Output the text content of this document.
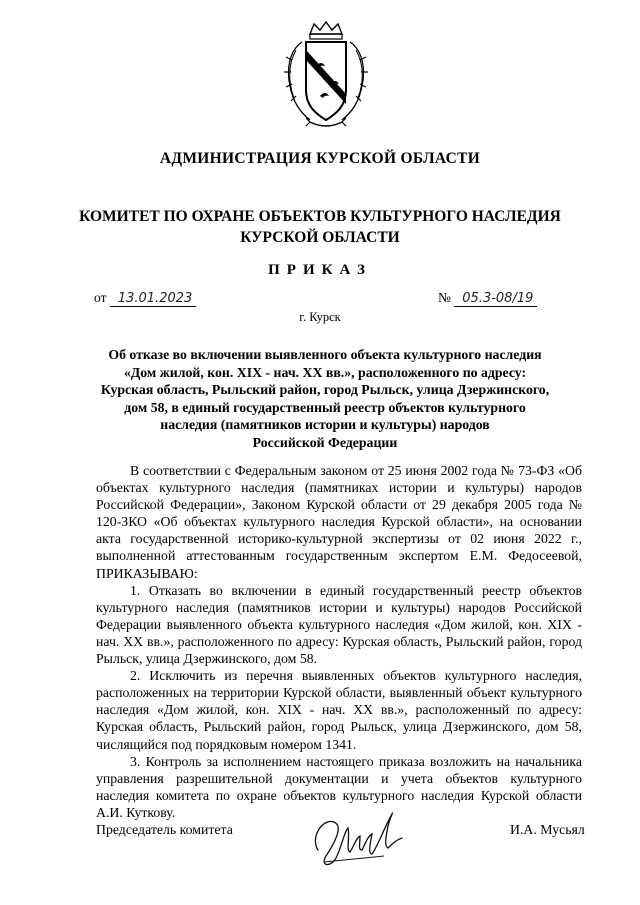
АДМИНИСТРАЦИЯ КУРСКОЙ ОБЛАСТИ
КОМИТЕТ ПО ОХРАНЕ ОБЪЕКТОВ КУЛЬТУРНОГО НАСЛЕДИЯ
КУРСКОЙ ОБЛАСТИ
ПРИКАЗ
от 13.01.2023	№ 05.3-08/19
г. Курск
Об отказе во включении выявленного объекта культурного наследия
«Дом жилой, кон. XIX - нач. XX вв.», расположенного по адресу:
Курская область, Рыльский район, город Рыльск, улица Дзержинского,
дом 58, в единый государственный реестр объектов культурного
наследия (памятников истории и культуры) народов
Российской Федерации

В соответствии с Федеральным законом от 25 июня 2002 года № 73-ФЗ «Об объектах культурного наследия (памятниках истории и культуры) народов Российской Федерации», Законом Курской области от 29 декабря 2005 года № 120-ЗКО «Об объектах культурного наследия Курской области», на основании акта государственной историко-культурной экспертизы от 02 июня 2022 г., выполненной аттестованным государственным экспертом Е.М. Федосеевой, ПРИКАЗЫВАЮ:

1. Отказать во включении в единый государственный реестр объектов культурного наследия (памятников истории и культуры) народов Российской Федерации выявленного объекта культурного наследия «Дом жилой, кон. XIX - нач. XX вв.», расположенного по адресу: Курская область, Рыльский район, город Рыльск, улица Дзержинского, дом 58.

2. Исключить из перечня выявленных объектов культурного наследия, расположенных на территории Курской области, выявленный объект культурного наследия «Дом жилой, кон. XIX - нач. XX вв.», расположенный по адресу: Курская область, Рыльский район, город Рыльск, улица Дзержинского, дом 58, числящийся под порядковым номером 1341.

3. Контроль за исполнением настоящего приказа возложить на начальника управления разрешительной документации и учета объектов культурного наследия комитета по охране объектов культурного наследия Курской области А.И. Куткову.

Председатель комитета	И.А. Мусьял
